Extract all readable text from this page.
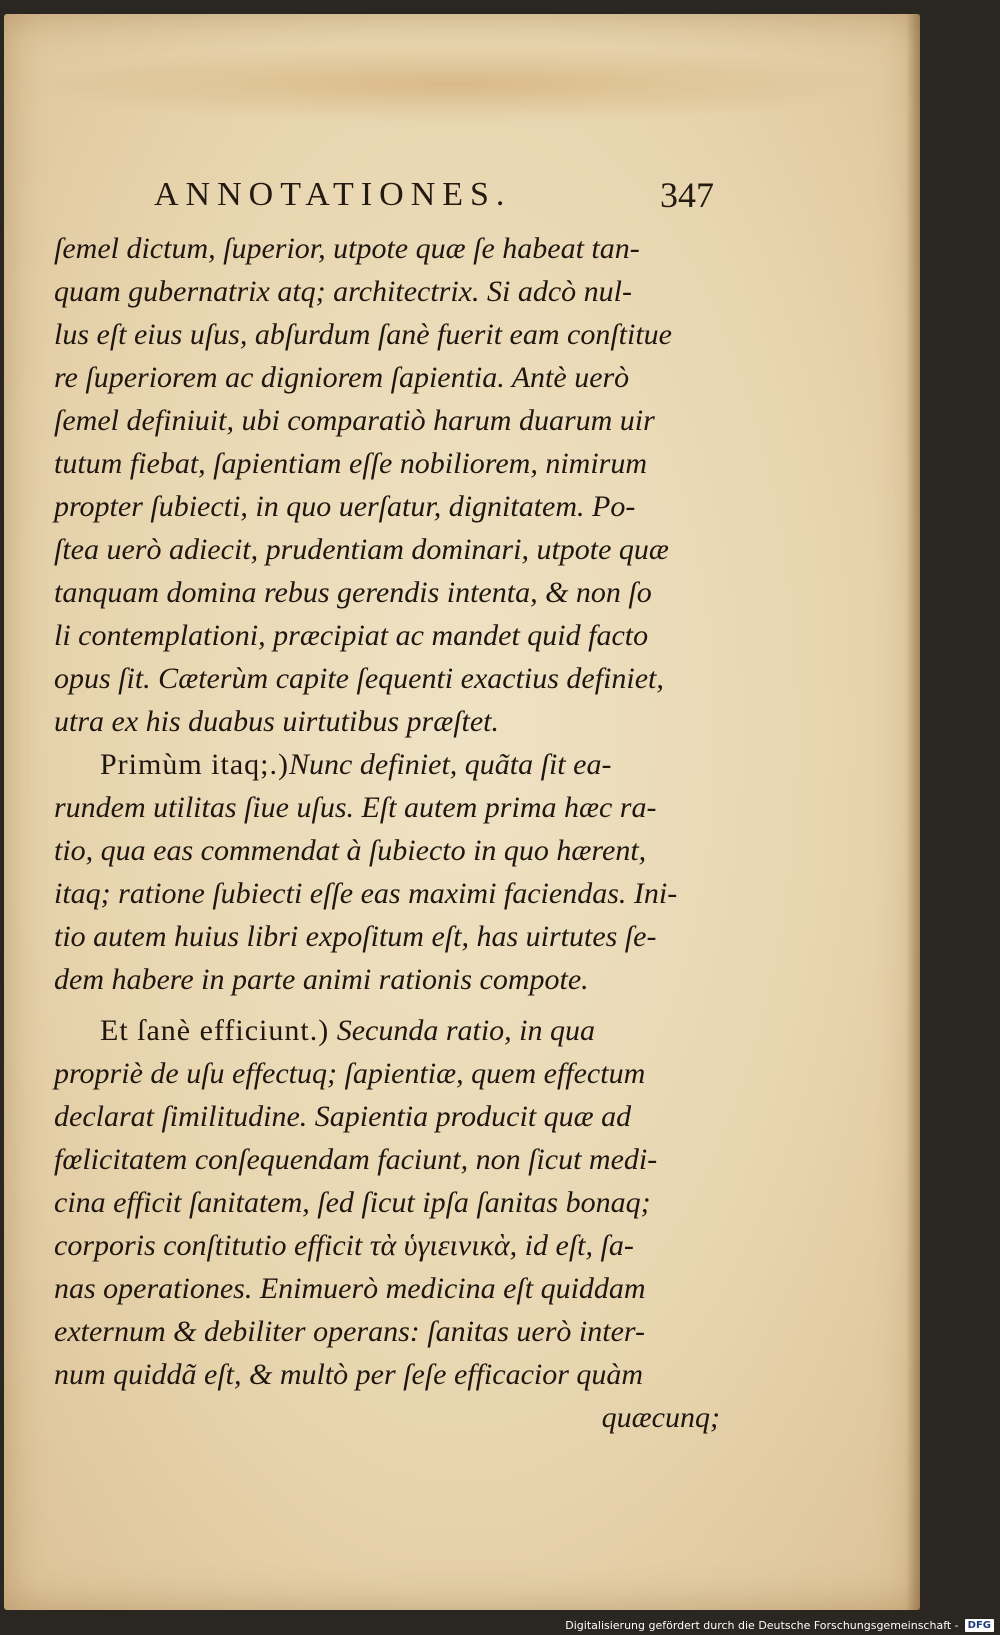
ANNOTATIONES.	347
ſemel dictum, ſuperior, utpote quæ ſe habeat tan-
quam gubernatrix atq; architectrix. Si adcò nul-
lus eſt eius uſus, abſurdum ſanè fuerit eam conſtitue
re ſuperiorem ac digniorem ſapientia. Antè uerò
ſemel definiuit, ubi comparatiò harum duarum uir
tutum fiebat, ſapientiam eſſe nobiliorem, nimirum
propter ſubiecti, in quo uerſatur, dignitatem. Po-
ſtea uerò adiecit, prudentiam dominari, utpote quæ
tanquam domina rebus gerendis intenta, & non ſo
li contemplationi, præcipiat ac mandet quid facto
opus ſit. Cæterùm capite ſequenti exactius definiet,
utra ex his duabus uirtutibus præſtet.
Primùm itaq;.)Nunc definiet, quãta ſit ea-
rundem utilitas ſiue uſus. Eſt autem prima hæc ra-
tio, qua eas commendat à ſubiecto in quo hærent,
itaq; ratione ſubiecti eſſe eas maximi faciendas. Ini-
tio autem huius libri expoſitum eſt, has uirtutes ſe-
dem habere in parte animi rationis compote.
Et ſanè efficiunt.) Secunda ratio, in qua
propriè de uſu effectuq; ſapientiæ, quem effectum
declarat ſimilitudine. Sapientia producit quæ ad
fœlicitatem conſequendam faciunt, non ſicut medi-
cina efficit ſanitatem, ſed ſicut ipſa ſanitas bonaq;
corporis conſtitutio efficit τὰ ὑγιεινικὰ, id eſt, ſa-
nas operationes. Enimuerò medicina eſt quiddam
externum & debiliter operans: ſanitas uerò inter-
num quiddã eſt, & multò per ſeſe efficacior quàm
quæcunq;
Digitalisierung gefördert durch die Deutsche Forschungsgemeinschaft - DFG
